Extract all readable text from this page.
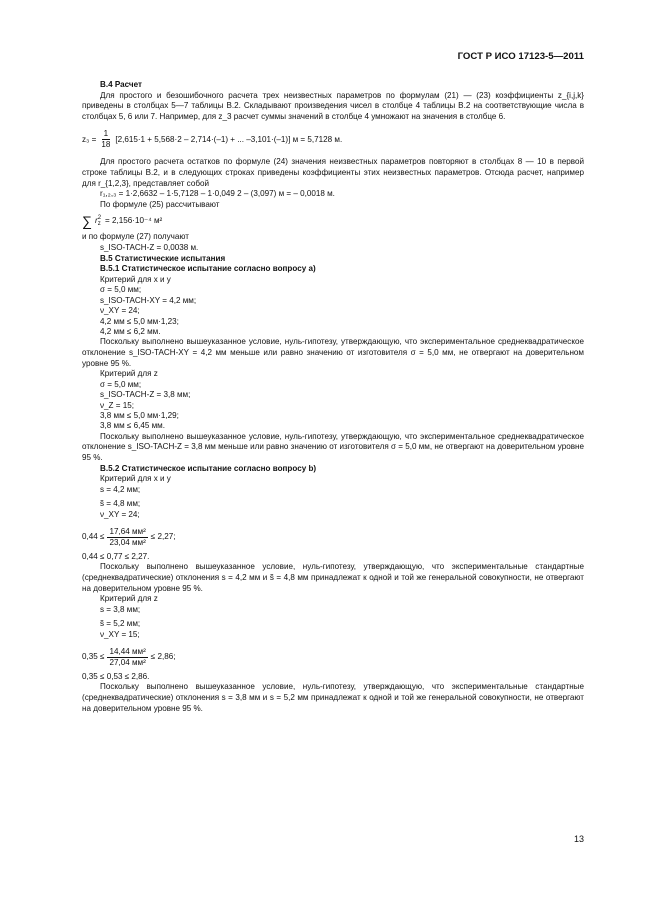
ГОСТ Р ИСО 17123-5—2011

В.4 Расчет

Для простого и безошибочного расчета трех неизвестных параметров по формулам (21) — (23) коэффициенты z_{i,j,k} приведены в столбцах 5—7 таблицы В.2. Складывают произведения чисел в столбце 4 таблицы В.2 на соответствующие числа в столбцах 5, 6 или 7. Например, для z_3 расчет суммы значений в столбце 4 умножают на значения в столбце 6.

$z_3 = \frac{1}{18} [2,615\cdot 1 + 5,568\cdot 2 - 2,714\cdot(-1)$ + ... –3,101·(–1)] м = 5,7128 м.

Для простого расчета остатков по формуле (24) значения неизвестных параметров повторяют в столбцах 8 — 10 в первой строке таблицы В.2, и в следующих строках приведены коэффициенты этих неизвестных параметров. Отсюда расчет, например для r_{1,2,3}, представляет собой

r₁,₂,₃ = 1·2,6632 – 1·5,7128 – 1·0,049 2 – (3,097) м = – 0,0018 м.

По формуле (25) рассчитывают

∑ r 2
z = 2,156·10⁻⁴ м²

и по формуле (27) получают

s_ISO-TACH-Z = 0,0038 м.

В.5 Статистические испытания

В.5.1 Статистическое испытание согласно вопросу a)

Критерий для x и y

σ = 5,0 мм;
s_ISO-TACH-XY = 4,2 мм;
ν_XY = 24;
4,2 мм ≤ 5,0 мм·1,23;
4,2 мм ≤ 6,2 мм.

Поскольку выполнено вышеуказанное условие, нуль-гипотезу, утверждающую, что экспериментальное среднеквадратическое отклонение s_ISO-TACH-XY = 4,2 мм меньше или равно значению от изготовителя σ = 5,0 мм, не отвергают на доверительном уровне 95 %.

Критерий для z

σ = 5,0 мм;
s_ISO-TACH-Z = 3,8 мм;
ν_Z = 15;
3,8 мм ≤ 5,0 мм·1,29;
3,8 мм ≤ 6,45 мм.

Поскольку выполнено вышеуказанное условие, нуль-гипотезу, утверждающую, что экспериментальное среднеквадратическое отклонение s_ISO-TACH-Z = 3,8 мм меньше или равно значению от изготовителя σ = 5,0 мм, не отвергают на доверительном уровне 95 %.

В.5.2 Статистическое испытание согласно вопросу b)

Критерий для x и y

s = 4,2 мм;
s̃ = 4,8 мм;
ν_XY = 24;
$0,44 \le \frac{\text{17,64 мм²}}{\text{23,04 мм²}} \le 2,27$;
0,44 ≤ 0,77 ≤ 2,27.

Поскольку выполнено вышеуказанное условие, нуль-гипотезу, утверждающую, что экспериментальные стандартные (среднеквадратические) отклонения s = 4,2 мм и s̃ = 4,8 мм принадлежат к одной и той же генеральной совокупности, не отвергают на доверительном уровне 95 %.

Критерий для z

s = 3,8 мм;
s̃ = 5,2 мм;
ν_XY = 15;
$0,35 \le \frac{\text{14,44 мм²}}{\text{27,04 мм²}} \le 2,86$;
0,35 ≤ 0,53 ≤ 2,86.

Поскольку выполнено вышеуказанное условие, нуль-гипотезу, утверждающую, что экспериментальные стандартные (среднеквадратические) отклонения s = 3,8 мм и s = 5,2 мм принадлежат к одной и той же генеральной совокупности, не отвергают на доверительном уровне 95 %.

13
